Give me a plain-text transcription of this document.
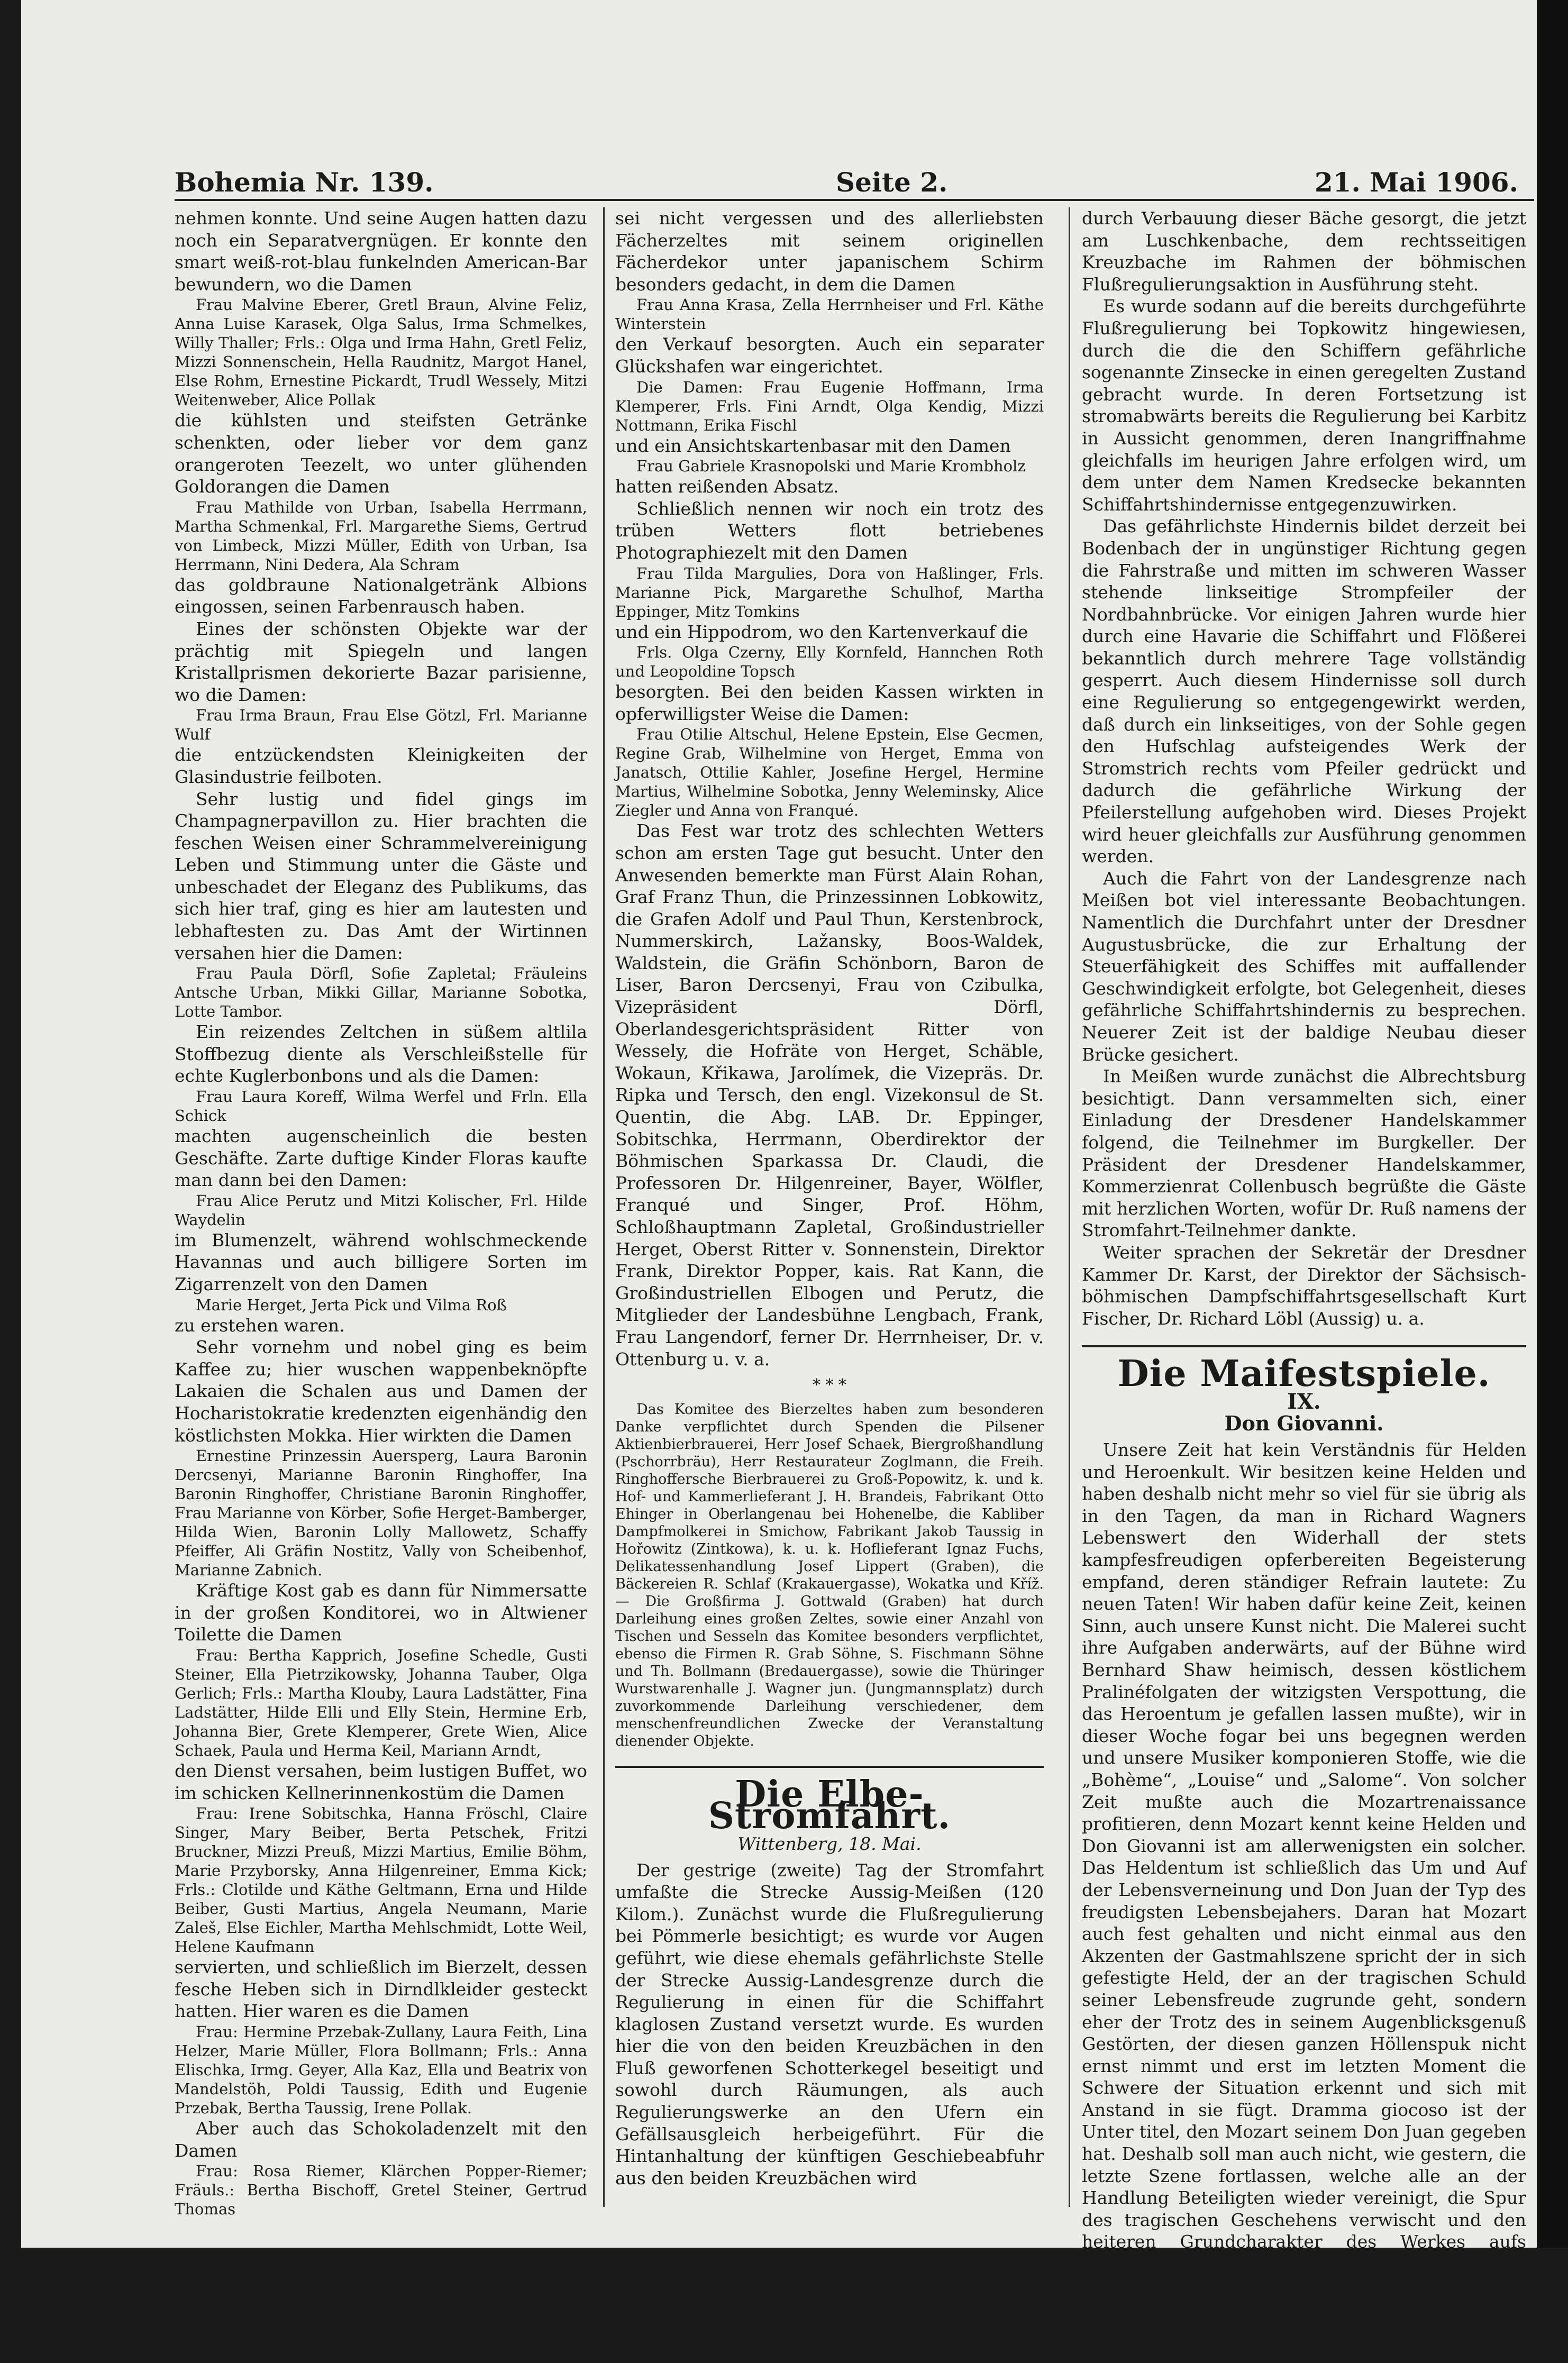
Bohemia Nr. 139.	Seite 2.	21. Mai 1906.

nehmen konnte. Und seine Augen hatten dazu noch ein Separatvergnügen. Er konnte den smart weiß-rot-blau funkelnden American-Bar bewundern, wo die Damen

Frau Malvine Eberer, Gretl Braun, Alvine Feliz, Anna Luise Karasek, Olga Salus, Irma Schmelkes, Willy Thaller; Frls.: Olga und Irma Hahn, Gretl Feliz, Mizzi Sonnenschein, Hella Raudnitz, Margot Hanel, Else Rohm, Ernestine Pickardt, Trudl Wessely, Mitzi Weitenweber, Alice Pollak

die kühlsten und steifsten Getränke schenkten, oder lieber vor dem ganz orangeroten Teezelt, wo unter glühenden Goldorangen die Damen

Frau Mathilde von Urban, Isabella Herrmann, Martha Schmenkal, Frl. Margarethe Siems, Gertrud von Limbeck, Mizzi Müller, Edith von Urban, Isa Herrmann, Nini Dedera, Ala Schram

das goldbraune Nationalgetränk Albions eingossen, seinen Farbenrausch haben.

Eines der schönsten Objekte war der prächtig mit Spiegeln und langen Kristallprismen dekorierte Bazar parisienne, wo die Damen:

Frau Irma Braun, Frau Else Götzl, Frl. Marianne Wulf

die entzückendsten Kleinigkeiten der Glasindustrie feilboten.

Sehr lustig und fidel gings im Champagnerpavillon zu. Hier brachten die feschen Weisen einer Schrammelvereinigung Leben und Stimmung unter die Gäste und unbeschadet der Eleganz des Publikums, das sich hier traf, ging es hier am lautesten und lebhaftesten zu. Das Amt der Wirtinnen versahen hier die Damen:

Frau Paula Dörfl, Sofie Zapletal; Fräuleins Antsche Urban, Mikki Gillar, Marianne Sobotka, Lotte Tambor.

Ein reizendes Zeltchen in süßem altlila Stoffbezug diente als Verschleißstelle für echte Kuglerbonbons und als die Damen:

Frau Laura Koreff, Wilma Werfel und Frln. Ella Schick

machten augenscheinlich die besten Geschäfte. Zarte duftige Kinder Floras kaufte man dann bei den Damen:

Frau Alice Perutz und Mitzi Kolischer, Frl. Hilde Waydelin

im Blumenzelt, während wohlschmeckende Havannas und auch billigere Sorten im Zigarrenzelt von den Damen

Marie Herget, Jerta Pick und Vilma Roß

zu erstehen waren.

Sehr vornehm und nobel ging es beim Kaffee zu; hier wuschen wappenbeknöpfte Lakaien die Schalen aus und Damen der Hocharistokratie kredenzten eigenhändig den köstlichsten Mokka. Hier wirkten die Damen

Ernestine Prinzessin Auersperg, Laura Baronin Dercsenyi, Marianne Baronin Ringhoffer, Ina Baronin Ringhoffer, Christiane Baronin Ringhoffer, Frau Marianne von Körber, Sofie Herget-Bamberger, Hilda Wien, Baronin Lolly Mallowetz, Schaffy Pfeiffer, Ali Gräfin Nostitz, Vally von Scheibenhof, Marianne Zabnich.

Kräftige Kost gab es dann für Nimmersatte in der großen Konditorei, wo in Altwiener Toilette die Damen

Frau: Bertha Kapprich, Josefine Schedle, Gusti Steiner, Ella Pietrzikowsky, Johanna Tauber, Olga Gerlich; Frls.: Martha Klouby, Laura Ladstätter, Fina Ladstätter, Hilde Elli und Elly Stein, Hermine Erb, Johanna Bier, Grete Klemperer, Grete Wien, Alice Schaek, Paula und Herma Keil, Mariann Arndt,

den Dienst versahen, beim lustigen Buffet, wo im schicken Kellnerinnenkostüm die Damen

Frau: Irene Sobitschka, Hanna Fröschl, Claire Singer, Mary Beiber, Berta Petschek, Fritzi Bruckner, Mizzi Preuß, Mizzi Martius, Emilie Böhm, Marie Przyborsky, Anna Hilgenreiner, Emma Kick; Frls.: Clotilde und Käthe Geltmann, Erna und Hilde Beiber, Gusti Martius, Angela Neumann, Marie Zaleš, Else Eichler, Martha Mehlschmidt, Lotte Weil, Helene Kaufmann

servierten, und schließlich im Bierzelt, dessen fesche Heben sich in Dirndlkleider gesteckt hatten. Hier waren es die Damen

Frau: Hermine Przebak-Zullany, Laura Feith, Lina Helzer, Marie Müller, Flora Bollmann; Frls.: Anna Elischka, Irmg. Geyer, Alla Kaz, Ella und Beatrix von Mandelstöh, Poldi Taussig, Edith und Eugenie Przebak, Bertha Taussig, Irene Pollak.

Aber auch das Schokoladenzelt mit den Damen

Frau: Rosa Riemer, Klärchen Popper-Riemer; Fräuls.: Bertha Bischoff, Gretel Steiner, Gertrud Thomas

sei nicht vergessen und des allerliebsten Fächerzeltes mit seinem originellen Fächerdekor unter japanischem Schirm besonders gedacht, in dem die Damen

Frau Anna Krasa, Zella Herrnheiser und Frl. Käthe Winterstein

den Verkauf besorgten. Auch ein separater Glückshafen war eingerichtet.

Die Damen: Frau Eugenie Hoffmann, Irma Klemperer, Frls. Fini Arndt, Olga Kendig, Mizzi Nottmann, Erika Fischl

und ein Ansichtskartenbasar mit den Damen

Frau Gabriele Krasnopolski und Marie Krombholz

hatten reißenden Absatz.

Schließlich nennen wir noch ein trotz des trüben Wetters flott betriebenes Photographiezelt mit den Damen

Frau Tilda Margulies, Dora von Haßlinger, Frls. Marianne Pick, Margarethe Schulhof, Martha Eppinger, Mitz Tomkins

und ein Hippodrom, wo den Kartenverkauf die

Frls. Olga Czerny, Elly Kornfeld, Hannchen Roth und Leopoldine Topsch

besorgten. Bei den beiden Kassen wirkten in opferwilligster Weise die Damen:

Frau Otilie Altschul, Helene Epstein, Else Gecmen, Regine Grab, Wilhelmine von Herget, Emma von Janatsch, Ottilie Kahler, Josefine Hergel, Hermine Martius, Wilhelmine Sobotka, Jenny Weleminsky, Alice Ziegler und Anna von Franqué.

Das Fest war trotz des schlechten Wetters schon am ersten Tage gut besucht. Unter den Anwesenden bemerkte man Fürst Alain Rohan, Graf Franz Thun, die Prinzessinnen Lobkowitz, die Grafen Adolf und Paul Thun, Kerstenbrock, Nummerskirch, Lažansky, Boos-Waldek, Waldstein, die Gräfin Schönborn, Baron de Liser, Baron Dercsenyi, Frau von Czibulka, Vizepräsident Dörfl, Oberlandesgerichtspräsident Ritter von Wessely, die Hofräte von Herget, Schäble, Wokaun, Křikawa, Jarolímek, die Vizepräs. Dr. Ripka und Tersch, den engl. Vizekonsul de St. Quentin, die Abg. LAB. Dr. Eppinger, Sobitschka, Herrmann, Oberdirektor der Böhmischen Sparkassa Dr. Claudi, die Professoren Dr. Hilgenreiner, Bayer, Wölfler, Franqué und Singer, Prof. Höhm, Schloßhauptmann Zapletal, Großindustrieller Herget, Oberst Ritter v. Sonnenstein, Direktor Frank, Direktor Popper, kais. Rat Kann, die Großindustriellen Elbogen und Perutz, die Mitglieder der Landesbühne Lengbach, Frank, Frau Langendorf, ferner Dr. Herrnheiser, Dr. v. Ottenburg u. v. a.

* * *

Das Komitee des Bierzeltes haben zum besonderen Danke verpflichtet durch Spenden die Pilsener Aktienbierbrauerei, Herr Josef Schaek, Biergroßhandlung (Pschorrbräu), Herr Restaurateur Zoglmann, die Freih. Ringhoffersche Bierbrauerei zu Groß-Popowitz, k. und k. Hof- und Kammerlieferant J. H. Brandeis, Fabrikant Otto Ehinger in Oberlangenau bei Hohenelbe, die Kabliber Dampfmolkerei in Smichow, Fabrikant Jakob Taussig in Hořowitz (Zintkowa), k. u. k. Hoflieferant Ignaz Fuchs, Delikatessenhandlung Josef Lippert (Graben), die Bäckereien R. Schlaf (Krakauergasse), Wokatka und Kříž. — Die Großfirma J. Gottwald (Graben) hat durch Darleihung eines großen Zeltes, sowie einer Anzahl von Tischen und Sesseln das Komitee besonders verpflichtet, ebenso die Firmen R. Grab Söhne, S. Fischmann Söhne und Th. Bollmann (Bredauergasse), sowie die Thüringer Wurstwarenhalle J. Wagner jun. (Jungmannsplatz) durch zuvorkommende Darleihung verschiedener, dem menschenfreundlichen Zwecke der Veranstaltung dienender Objekte.

Die Elbe-Stromfahrt.

Wittenberg, 18. Mai.

Der gestrige (zweite) Tag der Stromfahrt umfaßte die Strecke Aussig-Meißen (120 Kilom.). Zunächst wurde die Flußregulierung bei Pömmerle besichtigt; es wurde vor Augen geführt, wie diese ehemals gefährlichste Stelle der Strecke Aussig-Landesgrenze durch die Regulierung in einen für die Schiffahrt klaglosen Zustand versetzt wurde. Es wurden hier die von den beiden Kreuzbächen in den Fluß geworfenen Schotterkegel beseitigt und sowohl durch Räumungen, als auch Regulierungswerke an den Ufern ein Gefällsausgleich herbeigeführt. Für die Hintanhaltung der künftigen Geschiebeabfuhr aus den beiden Kreuzbächen wird

durch Verbauung dieser Bäche gesorgt, die jetzt am Luschkenbache, dem rechtsseitigen Kreuzbache im Rahmen der böhmischen Flußregulierungsaktion in Ausführung steht.

Es wurde sodann auf die bereits durchgeführte Flußregulierung bei Topkowitz hingewiesen, durch die die den Schiffern gefährliche sogenannte Zinsecke in einen geregelten Zustand gebracht wurde. In deren Fortsetzung ist stromabwärts bereits die Regulierung bei Karbitz in Aussicht genommen, deren Inangriffnahme gleichfalls im heurigen Jahre erfolgen wird, um dem unter dem Namen Kredsecke bekannten Schiffahrtshindernisse entgegenzuwirken.

Das gefährlichste Hindernis bildet derzeit bei Bodenbach der in ungünstiger Richtung gegen die Fahrstraße und mitten im schweren Wasser stehende linkseitige Strompfeiler der Nordbahnbrücke. Vor einigen Jahren wurde hier durch eine Havarie die Schiffahrt und Flößerei bekanntlich durch mehrere Tage vollständig gesperrt. Auch diesem Hindernisse soll durch eine Regulierung so entgegengewirkt werden, daß durch ein linkseitiges, von der Sohle gegen den Hufschlag aufsteigendes Werk der Stromstrich rechts vom Pfeiler gedrückt und dadurch die gefährliche Wirkung der Pfeilerstellung aufgehoben wird. Dieses Projekt wird heuer gleichfalls zur Ausführung genommen werden.

Auch die Fahrt von der Landesgrenze nach Meißen bot viel interessante Beobachtungen. Namentlich die Durchfahrt unter der Dresdner Augustusbrücke, die zur Erhaltung der Steuerfähigkeit des Schiffes mit auffallender Geschwindigkeit erfolgte, bot Gelegenheit, dieses gefährliche Schiffahrtshindernis zu besprechen. Neuerer Zeit ist der baldige Neubau dieser Brücke gesichert.

In Meißen wurde zunächst die Albrechtsburg besichtigt. Dann versammelten sich, einer Einladung der Dresdener Handelskammer folgend, die Teilnehmer im Burgkeller. Der Präsident der Dresdener Handelskammer, Kommerzienrat Collenbusch begrüßte die Gäste mit herzlichen Worten, wofür Dr. Ruß namens der Stromfahrt-Teilnehmer dankte.

Weiter sprachen der Sekretär der Dresdner Kammer Dr. Karst, der Direktor der Sächsisch-böhmischen Dampfschiffahrtsgesellschaft Kurt Fischer, Dr. Richard Löbl (Aussig) u. a.

Die Maifestspiele.

IX.

Don Giovanni.

Unsere Zeit hat kein Verständnis für Helden und Heroenkult. Wir besitzen keine Helden und haben deshalb nicht mehr so viel für sie übrig als in den Tagen, da man in Richard Wagners Lebenswert den Widerhall der stets kampfesfreudigen opferbereiten Begeisterung empfand, deren ständiger Refrain lautete: Zu neuen Taten! Wir haben dafür keine Zeit, keinen Sinn, auch unsere Kunst nicht. Die Malerei sucht ihre Aufgaben anderwärts, auf der Bühne wird Bernhard Shaw heimisch, dessen köstlichem Pralinéfolgaten der witzigsten Verspottung, die das Heroentum je gefallen lassen mußte), wir in dieser Woche fogar bei uns begegnen werden und unsere Musiker komponieren Stoffe, wie die „Bohème“, „Louise“ und „Salome“. Von solcher Zeit mußte auch die Mozartrenaissance profitieren, denn Mozart kennt keine Helden und Don Giovanni ist am allerwenigsten ein solcher. Das Heldentum ist schließlich das Um und Auf der Lebensverneinung und Don Juan der Typ des freudigsten Lebensbejahers. Daran hat Mozart auch fest gehalten und nicht einmal aus den Akzenten der Gastmahlszene spricht der in sich gefestigte Held, der an der tragischen Schuld seiner Lebensfreude zugrunde geht, sondern eher der Trotz des in seinem Augenblicksgenuß Gestörten, der diesen ganzen Höllenspuk nicht ernst nimmt und erst im letzten Moment die Schwere der Situation erkennt und sich mit Anstand in sie fügt. Dramma giocoso ist der Unter titel, den Mozart seinem Don Juan gegeben hat. Deshalb soll man auch nicht, wie gestern, die letzte Szene fortlassen, welche alle an der Handlung Beteiligten wieder vereinigt, die Spur des tragischen Geschehens verwischt und den heiteren Grundcharakter des Werkes aufs deutlichste erkennen läßt, ganz abgesehen davon, daß der übliche Abschluß der Oper früher ja mit dem Untergang des Helden rein musikalisch einen Plagalschluß bedeutet, also rein musikalisch
